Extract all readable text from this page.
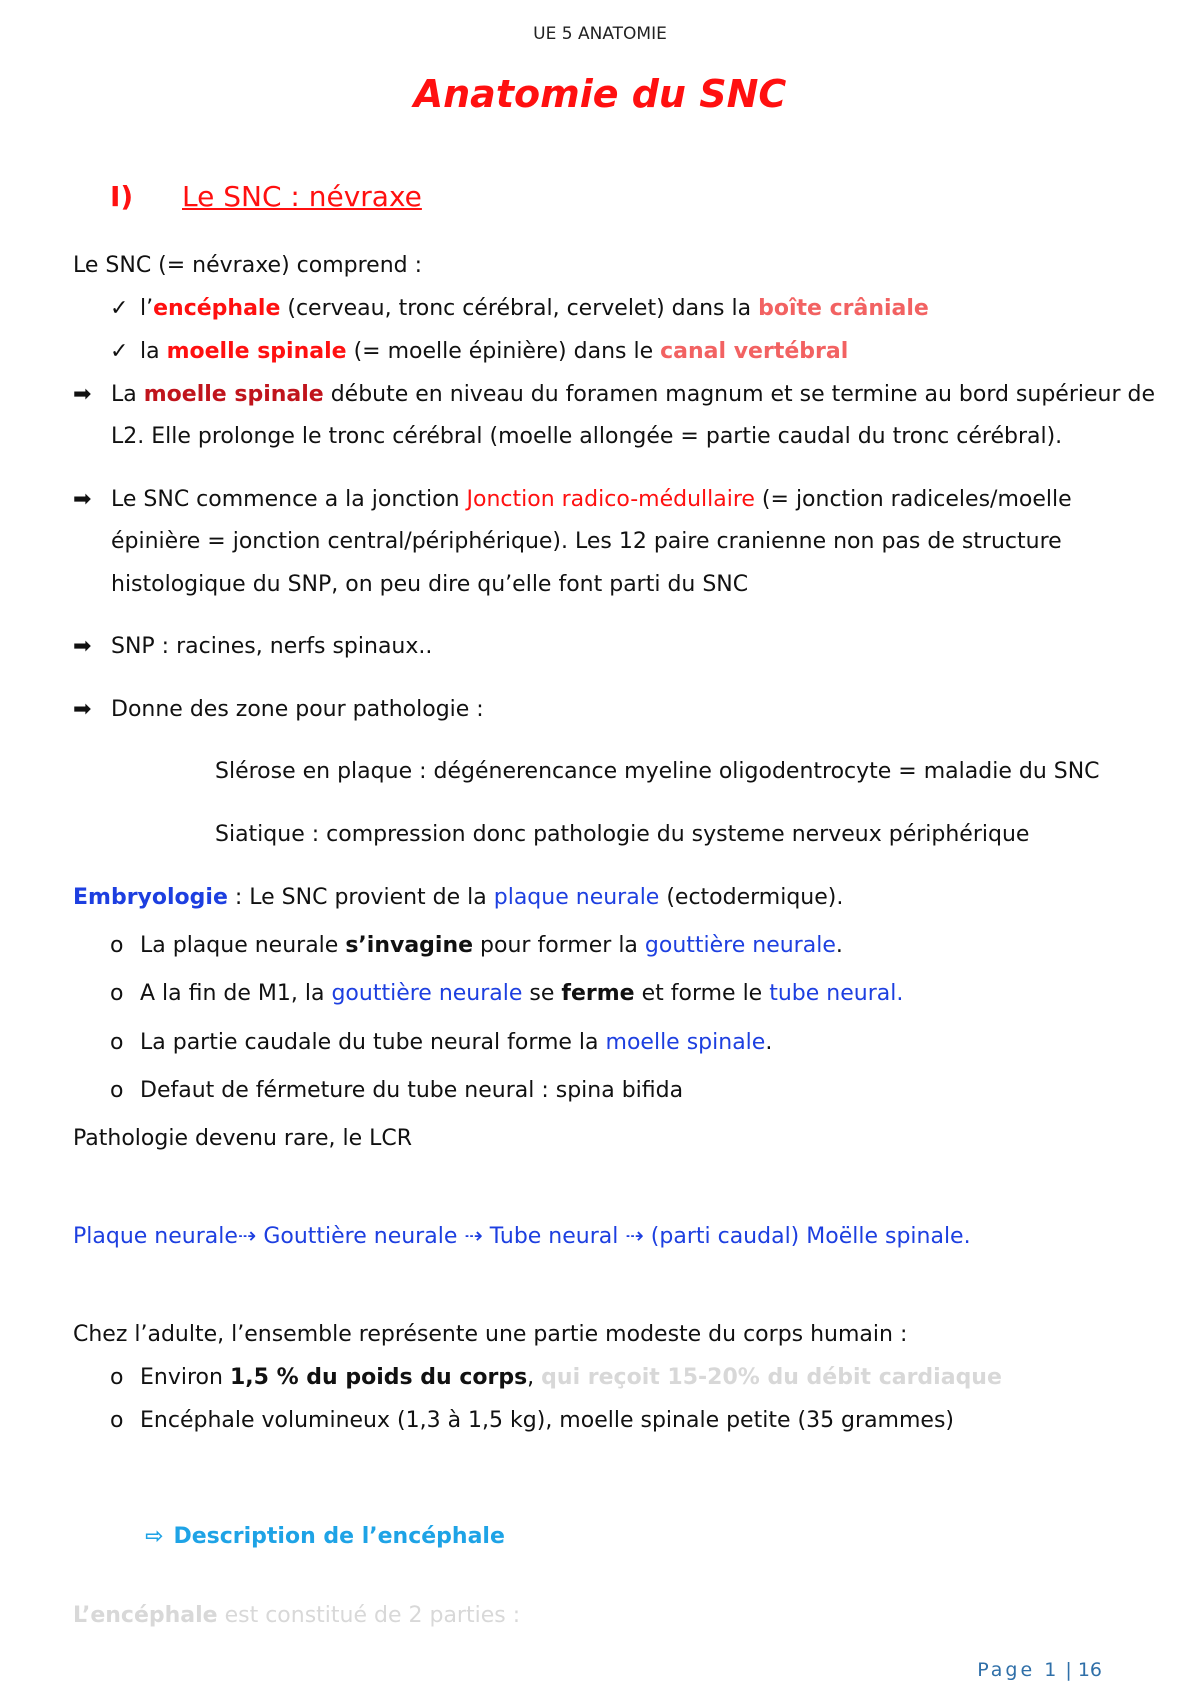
UE 5 ANATOMIE
Anatomie du SNC
I) Le SNC : névraxe
Le SNC (= névraxe) comprend :
✓ l’encéphale (cerveau, tronc cérébral, cervelet) dans la boîte crâniale
✓ la moelle spinale (= moelle épinière) dans le canal vertébral
➡ La moelle spinale débute en niveau du foramen magnum et se termine au bord supérieur de
L2. Elle prolonge le tronc cérébral (moelle allongée = partie caudal du tronc cérébral).
➡ Le SNC commence a la jonction Jonction radico-médullaire (= jonction radiceles/moelle
épinière = jonction central/périphérique). Les 12 paire cranienne non pas de structure
histologique du SNP, on peu dire qu’elle font parti du SNC
➡ SNP : racines, nerfs spinaux..
➡ Donne des zone pour pathologie :
Slérose en plaque : dégénerencance myeline oligodentrocyte = maladie du SNC
Siatique : compression donc pathologie du systeme nerveux périphérique
Embryologie : Le SNC provient de la plaque neurale (ectodermique).
o La plaque neurale s’invagine pour former la gouttière neurale.
o A la fin de M1, la gouttière neurale se ferme et forme le tube neural.
o La partie caudale du tube neural forme la moelle spinale.
o Defaut de férmeture du tube neural : spina bifida
Pathologie devenu rare, le LCR
Plaque neurale⇢ Gouttière neurale ⇢ Tube neural ⇢ (parti caudal) Moëlle spinale.
Chez l’adulte, l’ensemble représente une partie modeste du corps humain :
o Environ 1,5 % du poids du corps, qui reçoit 15-20% du débit cardiaque
o Encéphale volumineux (1,3 à 1,5 kg), moelle spinale petite (35 grammes)
⇨ Description de l’encéphale
L’encéphale est constitué de 2 parties :
Page 1 | 16
